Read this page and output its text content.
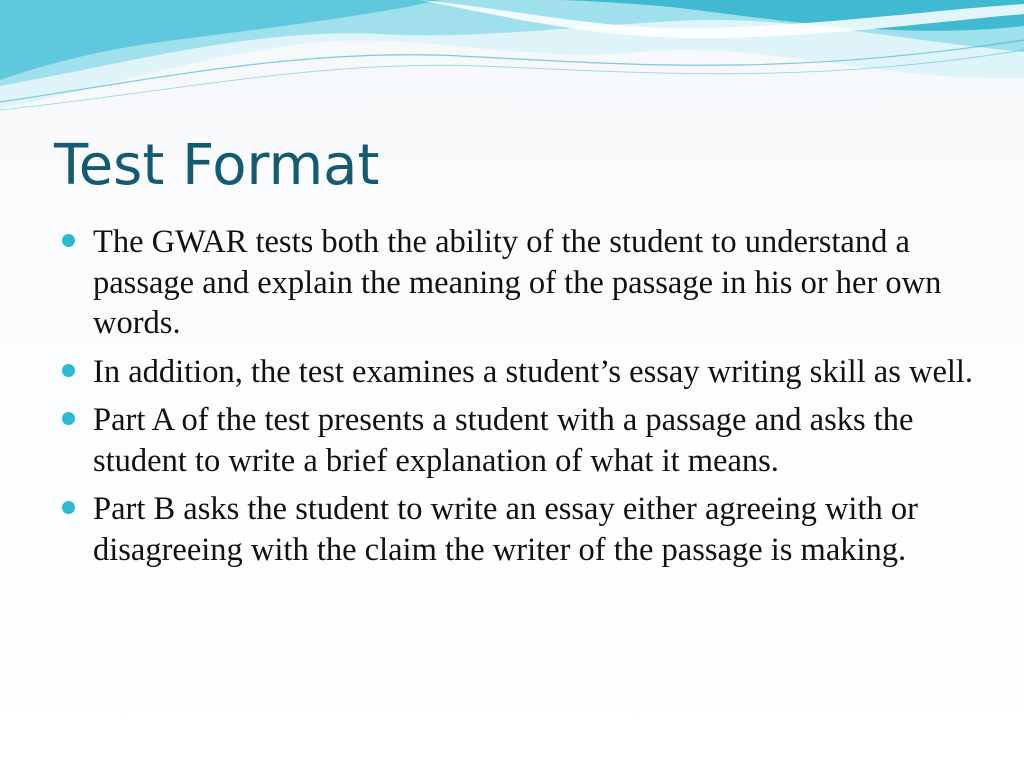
Test Format
The GWAR tests both the ability of the student to understand a passage and explain the meaning of the passage in his or her own words.
In addition, the test examines a student’s essay writing skill as well.
Part A of the test presents a student with a passage and asks the student to write a brief explanation of what it means.
Part B asks the student to write an essay either agreeing with or disagreeing with the claim the writer of the passage is making.
